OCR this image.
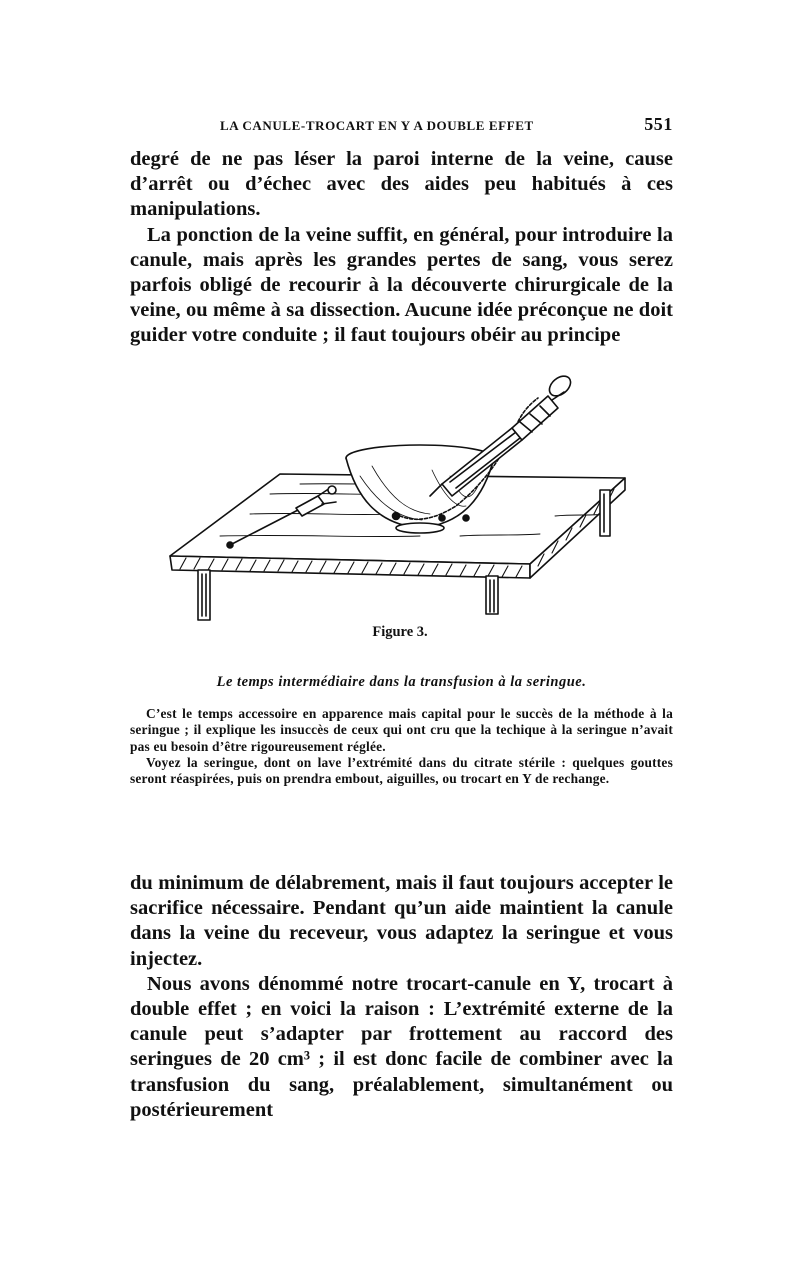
LA CANULE-TROCART EN Y A DOUBLE EFFET	551

degré de ne pas léser la paroi interne de la veine, cause d’arrêt ou d’échec avec des aides peu habitués à ces manipulations.

La ponction de la veine suffit, en général, pour introduire la canule, mais après les grandes pertes de sang, vous serez parfois obligé de recourir à la découverte chirurgicale de la veine, ou même à sa dissection. Aucune idée préconçue ne doit guider votre conduite ; il faut toujours obéir au principe

Figure 3.
Le temps intermédiaire dans la transfusion à la seringue.

C’est le temps accessoire en apparence mais capital pour le succès de la méthode à la seringue ; il explique les insuccès de ceux qui ont cru que la techique à la seringue n’avait pas eu besoin d’être rigoureusement réglée.

Voyez la seringue, dont on lave l’extrémité dans du citrate stérile : quelques gouttes seront réaspirées, puis on prendra embout, aiguilles, ou trocart en Y de rechange.

du minimum de délabrement, mais il faut toujours accepter le sacrifice nécessaire. Pendant qu’un aide maintient la canule dans la veine du receveur, vous adaptez la seringue et vous injectez.

Nous avons dénommé notre trocart-canule en Y, trocart à double effet ; en voici la raison : L’extrémité externe de la canule peut s’adapter par frottement au raccord des seringues de 20 cm³ ; il est donc facile de combiner avec la transfusion du sang, préalablement, simultanément ou postérieurement
